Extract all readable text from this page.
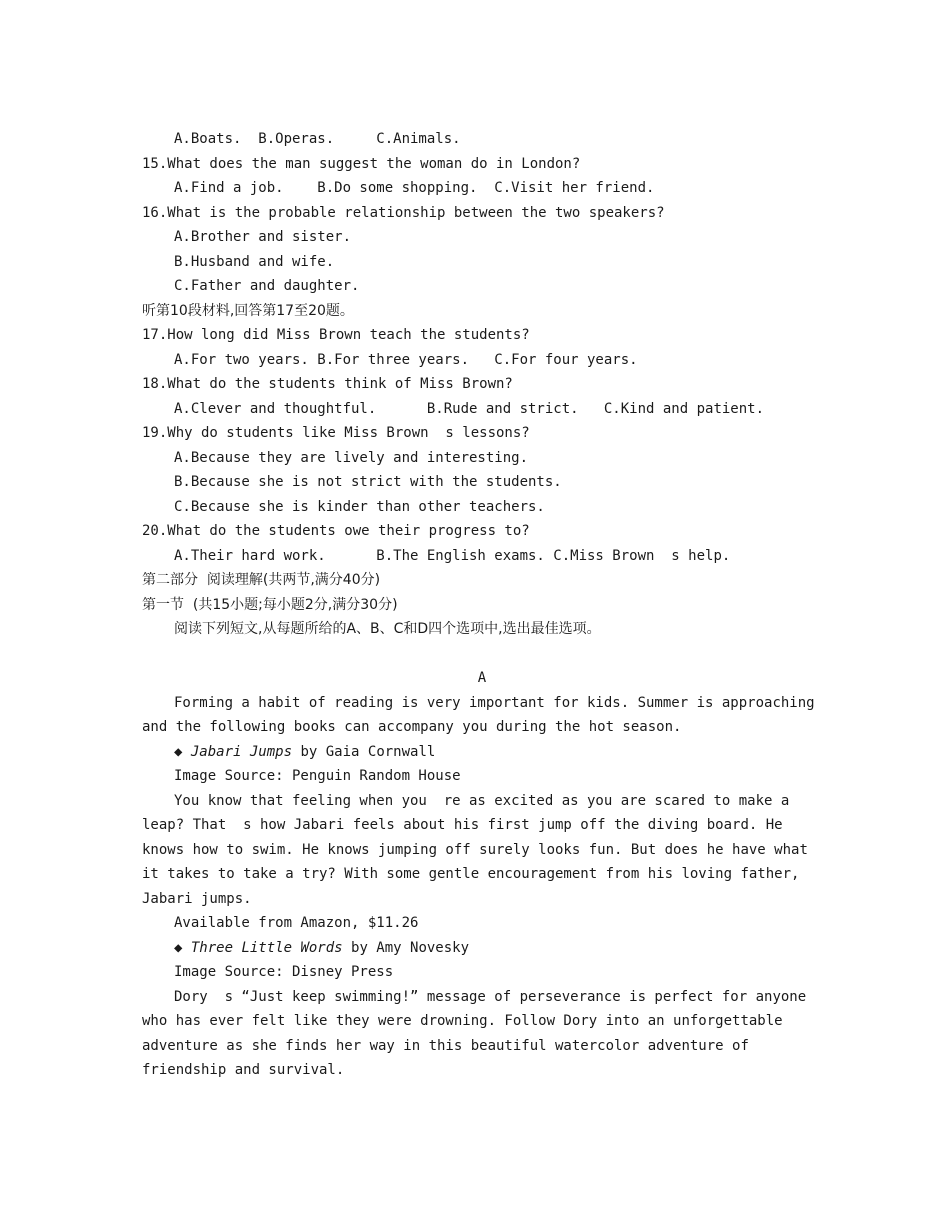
A.Boats.  B.Operas.     C.Animals.
15.What does the man suggest the woman do in London?
A.Find a job.    B.Do some shopping.  C.Visit her friend.
16.What is the probable relationship between the two speakers?
A.Brother and sister.
B.Husband and wife.
C.Father and daughter.
听第10段材料,回答第17至20题。
17.How long did Miss Brown teach the students?
A.For two years. B.For three years.   C.For four years.
18.What do the students think of Miss Brown?
A.Clever and thoughtful.      B.Rude and strict.   C.Kind and patient.
19.Why do students like Miss Brown  s lessons?
A.Because they are lively and interesting.
B.Because she is not strict with the students.
C.Because she is kinder than other teachers.
20.What do the students owe their progress to?
A.Their hard work.      B.The English exams. C.Miss Brown  s help.
第二部分  阅读理解(共两节,满分40分)
第一节  (共15小题;每小题2分,满分30分)
阅读下列短文,从每题所给的A、B、C和D四个选项中,选出最佳选项。
A
Forming a habit of reading is very important for kids. Summer is approaching
and the following books can accompany you during the hot season.
◆ Jabari Jumps by Gaia Cornwall
Image Source: Penguin Random House
You know that feeling when you  re as excited as you are scared to make a
leap? That  s how Jabari feels about his first jump off the diving board. He
knows how to swim. He knows jumping off surely looks fun. But does he have what
it takes to take a try? With some gentle encouragement from his loving father,
Jabari jumps.
Available from Amazon, $11.26
◆ Three Little Words by Amy Novesky
Image Source: Disney Press
Dory  s “Just keep swimming!” message of perseverance is perfect for anyone
who has ever felt like they were drowning. Follow Dory into an unforgettable
adventure as she finds her way in this beautiful watercolor adventure of
friendship and survival.
